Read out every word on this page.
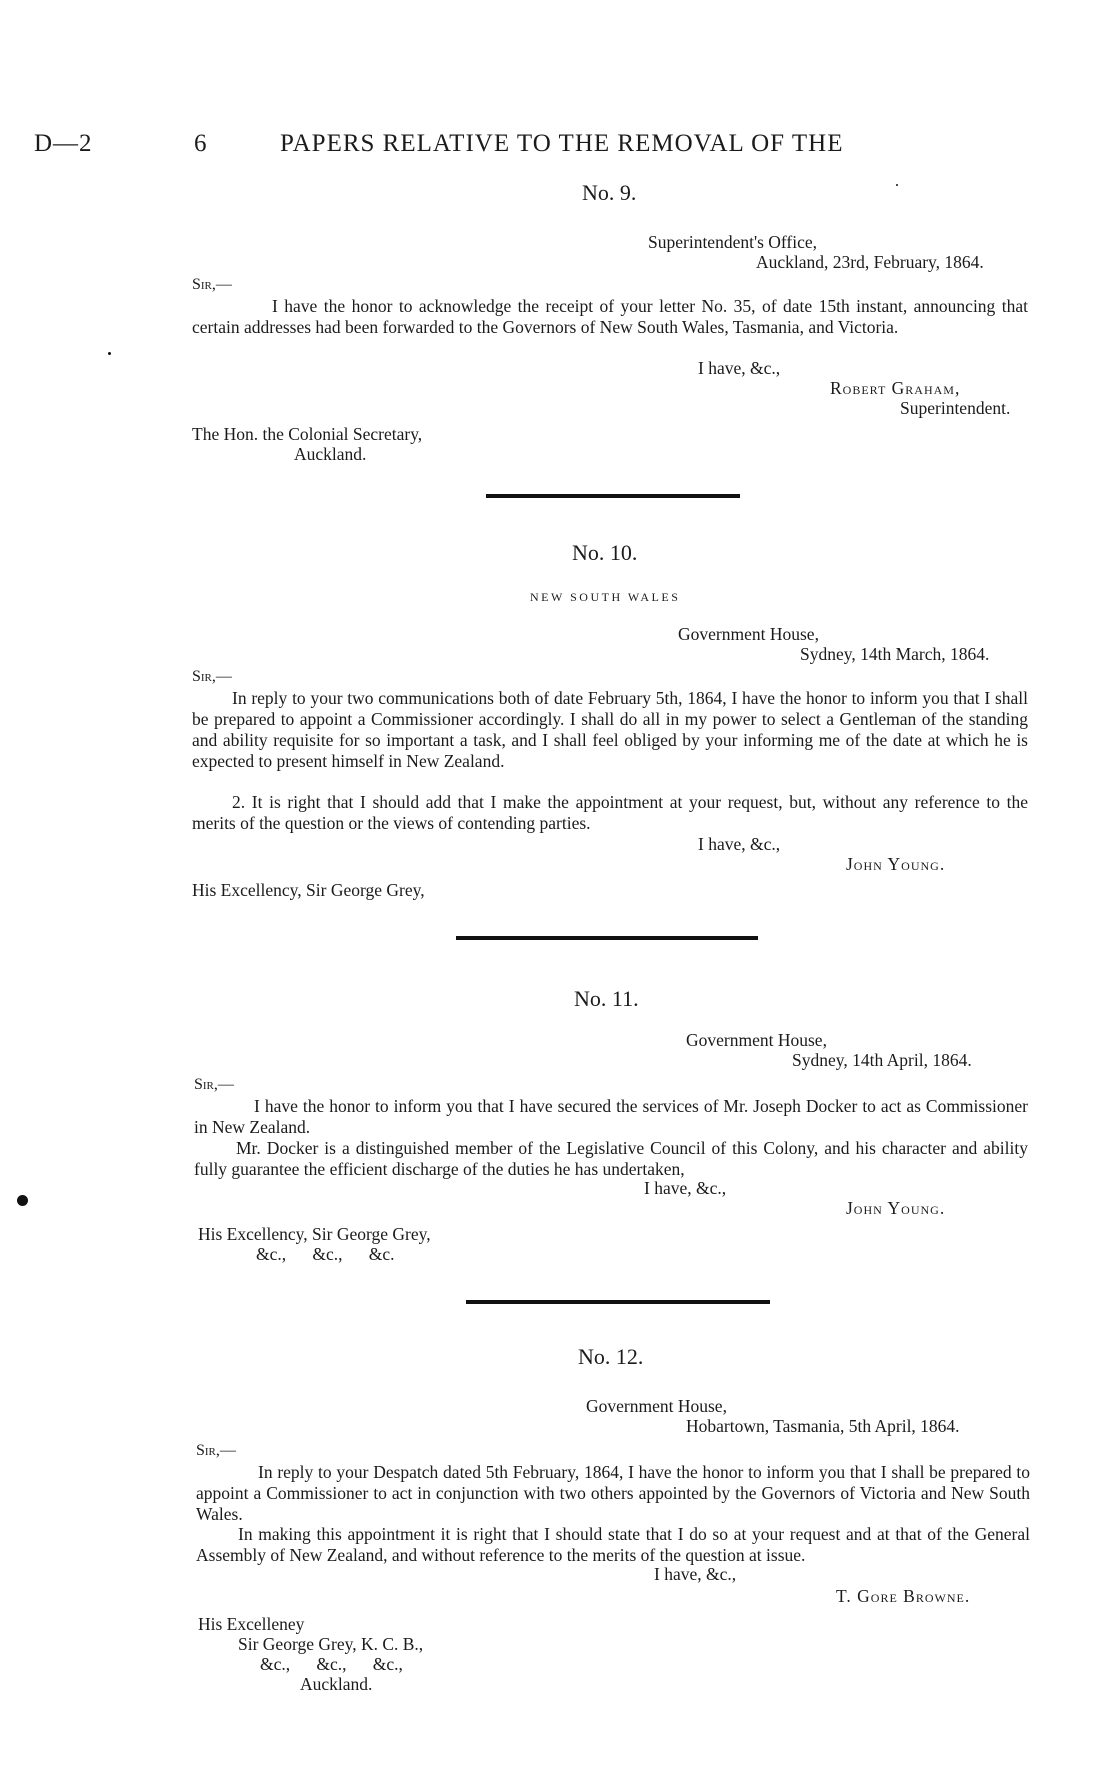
D—2	6	PAPERS RELATIVE TO THE REMOVAL OF THE
No. 9.
Superintendent's Office,
Auckland, 23rd, February, 1864.
Sir,—
I have the honor to acknowledge the receipt of your letter No. 35, of date 15th instant, announcing that certain addresses had been forwarded to the Governors of New South Wales, Tasmania, and Victoria.
I have, &c.,
Robert Graham,
Superintendent.
The Hon. the Colonial Secretary,
Auckland.
No. 10.
NEW SOUTH WALES
Government House,
Sydney, 14th March, 1864.
Sir,—
In reply to your two communications both of date February 5th, 1864, I have the honor to inform you that I shall be prepared to appoint a Commissioner accordingly. I shall do all in my power to select a Gentleman of the standing and ability requisite for so important a task, and I shall feel obliged by your informing me of the date at which he is expected to present himself in New Zealand.
2. It is right that I should add that I make the appointment at your request, but, without any reference to the merits of the question or the views of contending parties.
I have, &c.,
John Young.
His Excellency, Sir George Grey,
No. 11.
Government House,
Sydney, 14th April, 1864.
Sir,—
I have the honor to inform you that I have secured the services of Mr. Joseph Docker to act as Commissioner in New Zealand.
Mr. Docker is a distinguished member of the Legislative Council of this Colony, and his character and ability fully guarantee the efficient discharge of the duties he has undertaken,
I have, &c.,
John Young.
His Excellency, Sir George Grey,
&c.,      &c.,      &c.
No. 12.
Government House,
Hobartown, Tasmania, 5th April, 1864.
Sir,—
In reply to your Despatch dated 5th February, 1864, I have the honor to inform you that I shall be prepared to appoint a Commissioner to act in conjunction with two others appointed by the Governors of Victoria and New South Wales.
In making this appointment it is right that I should state that I do so at your request and at that of the General Assembly of New Zealand, and without reference to the merits of the question at issue.
I have, &c.,
T. Gore Browne.
His Excelleney
Sir George Grey, K. C. B.,
&c.,      &c.,      &c.,
Auckland.
